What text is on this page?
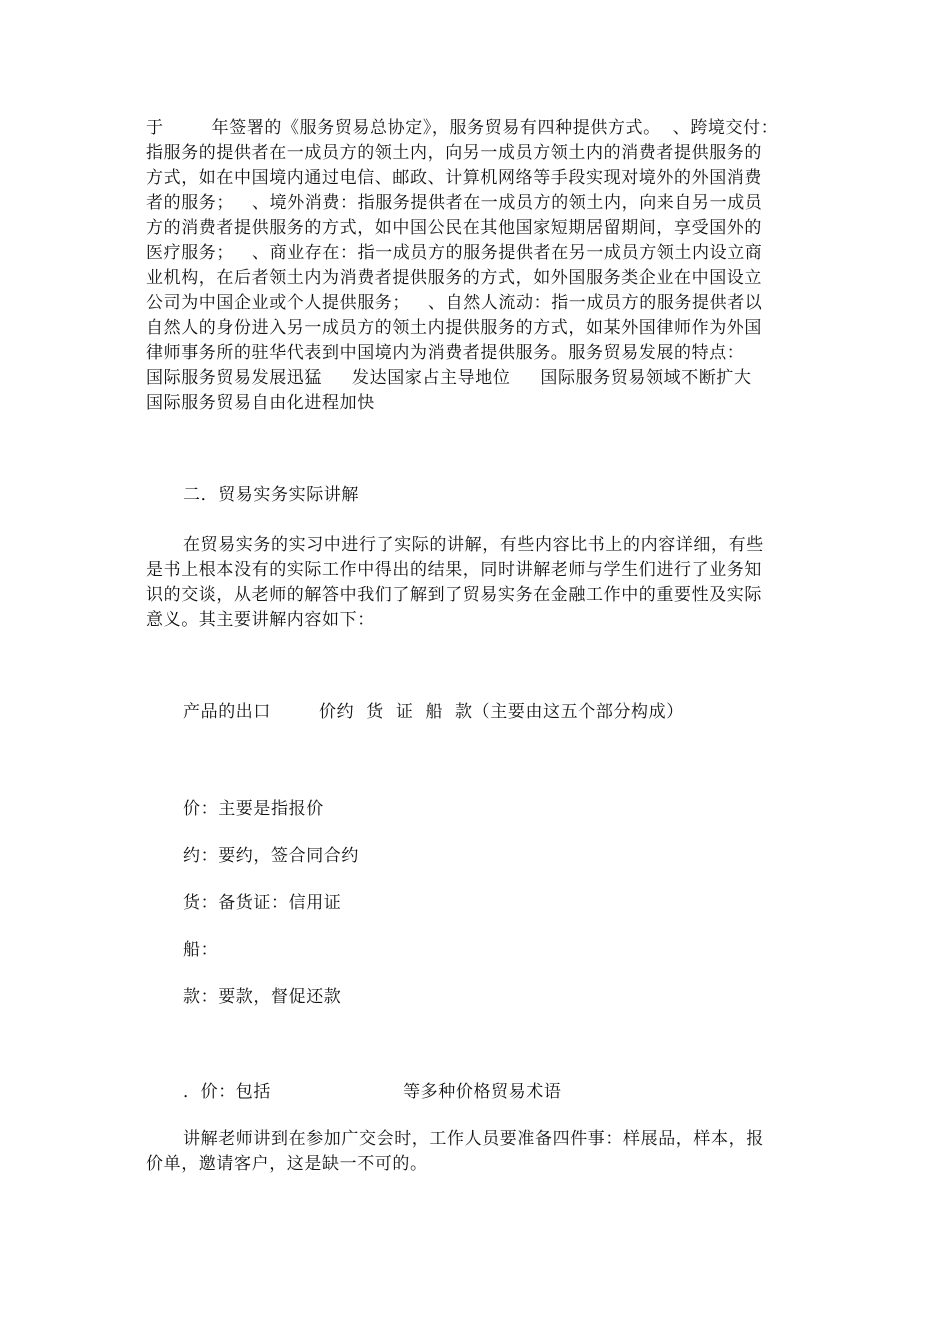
于        年签署的《服务贸易总协定》，服务贸易有四种提供方式。  、跨境交付：
指服务的提供者在一成员方的领土内，向另一成员方领土内的消费者提供服务的
方式，如在中国境内通过电信、邮政、计算机网络等手段实现对境外的外国消费
者的服务；   、境外消费：指服务提供者在一成员方的领土内，向来自另一成员
方的消费者提供服务的方式，如中国公民在其他国家短期居留期间，享受国外的
医疗服务；   、商业存在：指一成员方的服务提供者在另一成员方领土内设立商
业机构，在后者领土内为消费者提供服务的方式，如外国服务类企业在中国设立
公司为中国企业或个人提供服务；   、自然人流动：指一成员方的服务提供者以
自然人的身份进入另一成员方的领土内提供服务的方式，如某外国律师作为外国
律师事务所的驻华代表到中国境内为消费者提供服务。服务贸易发展的特点：
国际服务贸易发展迅猛     发达国家占主导地位     国际服务贸易领域不断扩大
国际服务贸易自由化进程加快
二．贸易实务实际讲解
在贸易实务的实习中进行了实际的讲解，有些内容比书上的内容详细，有些
是书上根本没有的实际工作中得出的结果，同时讲解老师与学生们进行了业务知
识的交谈，从老师的解答中我们了解到了贸易实务在金融工作中的重要性及实际
意义。其主要讲解内容如下：
产品的出口        价约  货  证  船  款（主要由这五个部分构成）
价：主要是指报价
约：要约，签合同合约
货：备货证：信用证
船：
款：要款，督促还款
．价：包括                      等多种价格贸易术语
讲解老师讲到在参加广交会时，工作人员要准备四件事：样展品，样本，报
价单，邀请客户，这是缺一不可的。
